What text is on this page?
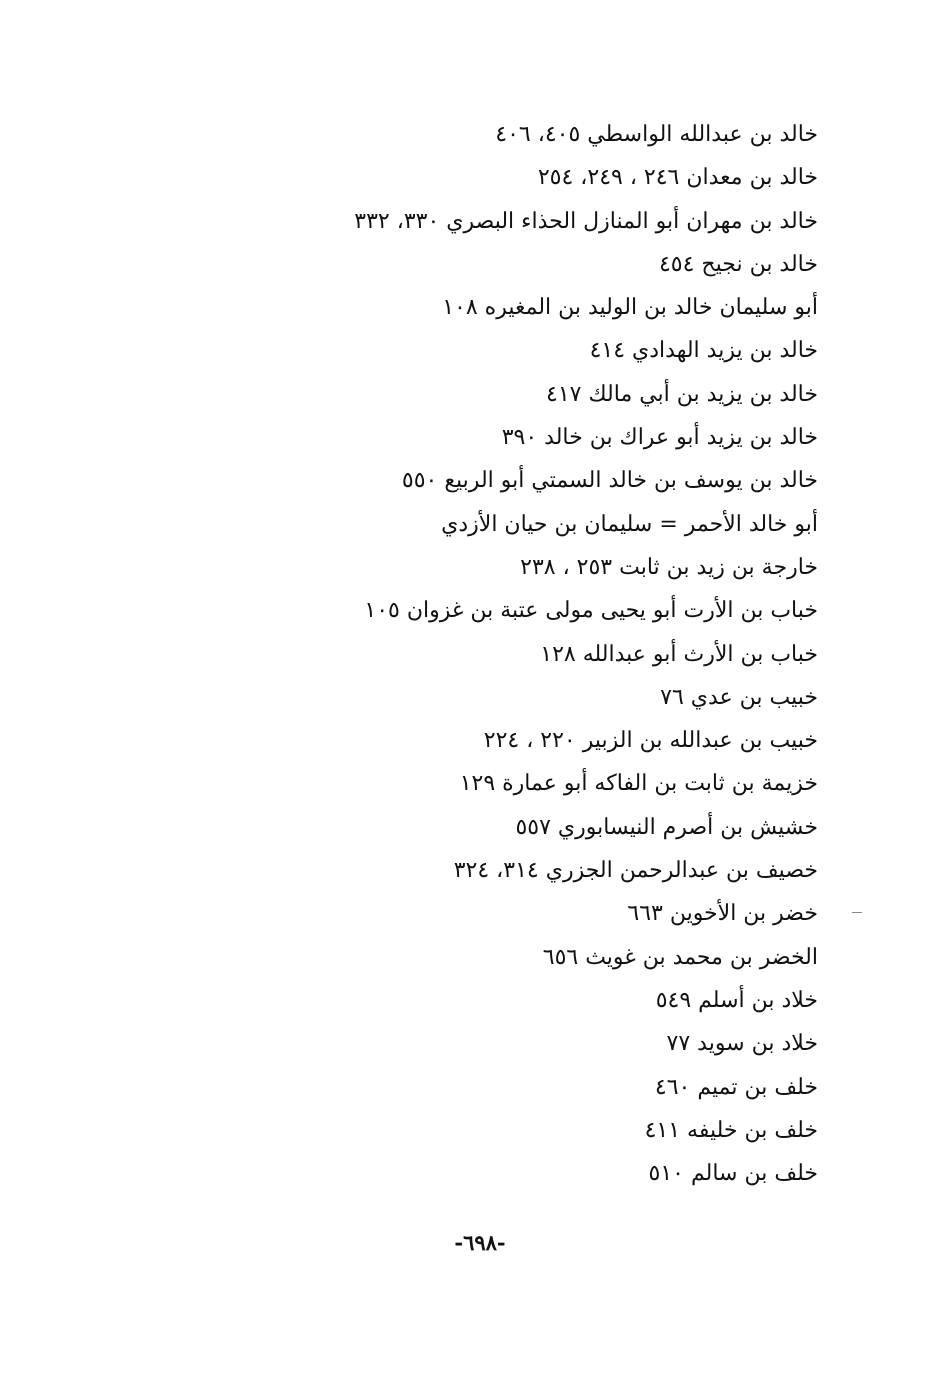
خالد بن عبدالله الواسطي ٤٠٥، ٤٠٦
خالد بن معدان ٢٤٦ ، ٢٤٩، ٢٥٤
خالد بن مهران أبو المنازل الحذاء البصري ٣٣٠، ٣٣٢
خالد بن نجيح ٤٥٤
أبو سليمان خالد بن الوليد بن المغيره ١٠٨
خالد بن يزيد الهدادي ٤١٤
خالد بن يزيد بن أبي مالك ٤١٧
خالد بن يزيد أبو عراك بن خالد ٣٩٠
خالد بن يوسف بن خالد السمتي أبو الربيع ٥٥٠
أبو خالد الأحمر = سليمان بن حيان الأزدي
خارجة بن زيد بن ثابت ٢٥٣ ، ٢٣٨
خباب بن الأرت أبو يحيى مولى عتبة بن غزوان ١٠٥
خباب بن الأرث أبو عبدالله ١٢٨
خبيب بن عدي ٧٦
خبيب بن عبدالله بن الزبير ٢٢٠ ، ٢٢٤
خزيمة بن ثابت بن الفاكه أبو عمارة ١٢٩
خشيش بن أصرم النيسابوري ٥٥٧
خصيف بن عبدالرحمن الجزري ٣١٤، ٣٢٤
خضر بن الأخوين ٦٦٣
الخضر بن محمد بن غويث ٦٥٦
خلاد بن أسلم ٥٤٩
خلاد بن سويد ٧٧
خلف بن تميم ٤٦٠
خلف بن خليفه ٤١١
خلف بن سالم ٥١٠
-٦٩٨-
